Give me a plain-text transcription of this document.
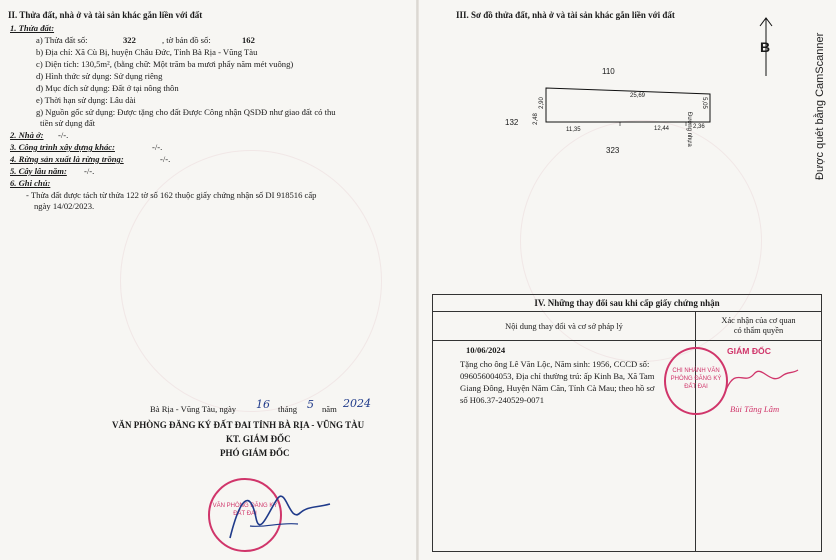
II. Thửa đất, nhà ở và tài sản khác gắn liền với đất
1. Thửa đất:
a) Thửa đất số:	322	, tờ bản đồ số:	162
b) Địa chỉ: Xã Cù Bị, huyện Châu Đức, Tỉnh Bà Rịa - Vũng Tàu
c) Diện tích: 130,5m², (bằng chữ: Một trăm ba mươi phẩy năm mét vuông)
d) Hình thức sử dụng: Sử dụng riêng
đ) Mục đích sử dụng: Đất ở tại nông thôn
e) Thời hạn sử dụng: Lâu dài
g) Nguồn gốc sử dụng: Được tặng cho đất Được Công nhận QSDĐ như giao đất có thu
tiền sử dụng đất
2. Nhà ở: -/-.
3. Công trình xây dựng khác:	-/-.
4. Rừng sản xuất là rừng trồng:	-/-.
5. Cây lâu năm: -/-.
6. Ghi chú:
- Thửa đất được tách từ thửa 122 tờ số 162 thuộc giấy chứng nhận số DI 918516 cấp
ngày 14/02/2023.
Bà Rịa - Vũng Tàu, ngày 16 tháng 5 năm 2024
VĂN PHÒNG ĐĂNG KÝ ĐẤT ĐAI TỈNH BÀ RỊA - VŨNG TÀU
KT. GIÁM ĐỐC
PHÓ GIÁM ĐỐC
VĂN PHÒNG ĐĂNG KÝ ĐẤT ĐAI
III. Sơ đồ thửa đất, nhà ở và tài sản khác gắn liền với đất
B
110
132
323
25,69
2,90
2,48
5,05
11,35	12,44	2,36
Đường nhựa
IV. Những thay đổi sau khi cấp giấy chứng nhận	
Nội dung thay đổi và cơ sở pháp lý	Xác nhận của cơ quan
có thẩm quyền

10/06/2024
Tặng cho ông Lê Văn Lộc, Năm sinh: 1956, CCCD số:
096056004053, Địa chỉ thường trú: ấp Kinh Ba, Xã Tam
Giang Đông, Huyện Năm Căn, Tỉnh Cà Mau; theo hồ sơ
số H06.37-240529-0071
CHI NHÁNH VĂN PHÒNG ĐĂNG KÝ ĐẤT ĐAI
GIÁM ĐỐC
Bùi Tăng Lâm
Được quét bằng CamScanner
